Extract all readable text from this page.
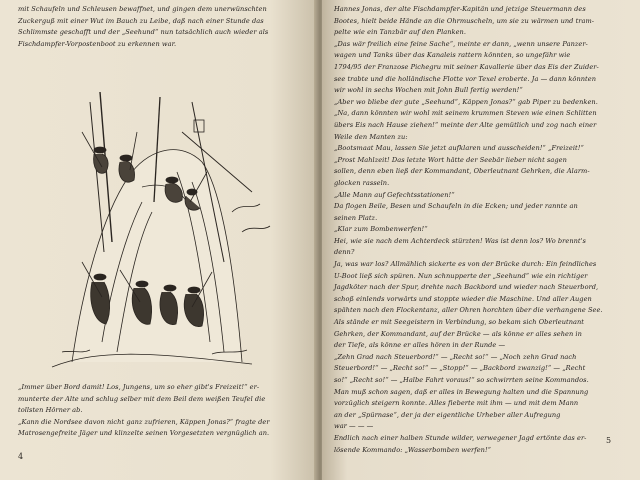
mit Schaufeln und Schleusen bewaffnet, und gingen dem unerwünschten

Zuckerguß mit einer Wut im Bauch zu Leibe, daß nach einer Stunde das

Schlimmste geschafft und der „Seehund“ nun tatsächlich auch wieder als

Fischdampfer-Vorpostenboot zu erkennen war.

„Immer über Bord damit! Los, Jungens, um so eher gibt's Freizeit!“ er-

munterte der Alte und schlug selber mit dem Beil dem weißen Teufel die

tollsten Hörner ab.

„Kann die Nordsee davon nicht ganz zufrieren, Käppen Jonas?“ fragte der

Matrosengefreite Jäger und klinzelte seinen Vorgesetzten vergnüglich an.

4

Hannes Jonas, der alte Fischdampfer-Kapitän und jetzige Steuermann des

Bootes, hielt beide Hände an die Ohrmuscheln, um sie zu wärmen und tram-

pelte wie ein Tanzbär auf den Planken.

„Das wär freilich eine feine Sache“, meinte er dann, „wenn unsere Panzer-

wagen und Tanks über das Kanaleis rattern könnten, so ungefähr wie

1794/95 der Franzose Pichegru mit seiner Kavallerie über das Eis der Zuider-

see trabte und die holländische Flotte vor Texel eroberte. Ja — dann könnten

wir wohl in sechs Wochen mit John Bull fertig werden!“

„Aber wo bliebe der gute „Seehund“, Käppen Jonas?“ gab Piper zu bedenken.

„Na, dann könnten wir wohl mit seinem krummen Steven wie einen Schlitten

übers Eis nach Hause ziehen!“ meinte der Alte gemütlich und zog nach einer

Weile den Manten zu:

„Bootsmaat Mau, lassen Sie jetzt aufklaren und ausscheiden!“ „Freizeit!“

„Prost Mahlzeit! Das letzte Wort hätte der Seebär lieber nicht sagen

sollen, denn eben ließ der Kommandant, Oberleutnant Gehrken, die Alarm-

glocken rasseln.

„Alle Mann auf Gefechtsstationen!“

Da flogen Beile, Besen und Schaufeln in die Ecken; und jeder rannte an

seinen Platz.

„Klar zum Bombenwerfen!“

Hei, wie sie nach dem Achterdeck stürzten! Was ist denn los? Wo brennt's

denn?

Ja, was war los? Allmählich sickerte es von der Brücke durch: Ein feindliches

U-Boot ließ sich spüren. Nun schnupperte der „Seehund“ wie ein richtiger

Jagdköter nach der Spur, drehte nach Backbord und wieder nach Steuerbord,

schoß einlends vorwärts und stoppte wieder die Maschine. Und aller Augen

spähten nach den Flockentanz, aller Ohren horchten über die verhangene See.

Als stände er mit Seegeistern in Verbindung, so bekam sich Oberleutnant

Gehrken, der Kommandant, auf der Brücke — als könne er alles sehen in

der Tiefe, als könne er alles hören in der Runde —

„Zehn Grad nach Steuerbord!“ — „Recht so!“ — „Noch zehn Grad nach

Steuerbord!“ — „Recht so!“ — „Stopp!“ — „Backbord zwanzig!“ — „Recht

so!“ „Recht so!“ — „Halbe Fahrt voraus!“ so schwirrten seine Kommandos.

Man muß schon sagen, daß er alles in Bewegung halten und die Spannung

vorzüglich steigern konnte. Alles fieberte mit ihm — und mit dem Mann

an der „Spürnase“, der ja der eigentliche Urheber aller Aufregung

war — — —

Endlich nach einer halben Stunde wilder, verwegener Jagd ertönte das er-

lösende Kommando: „Wasserbomben werfen!“

5
